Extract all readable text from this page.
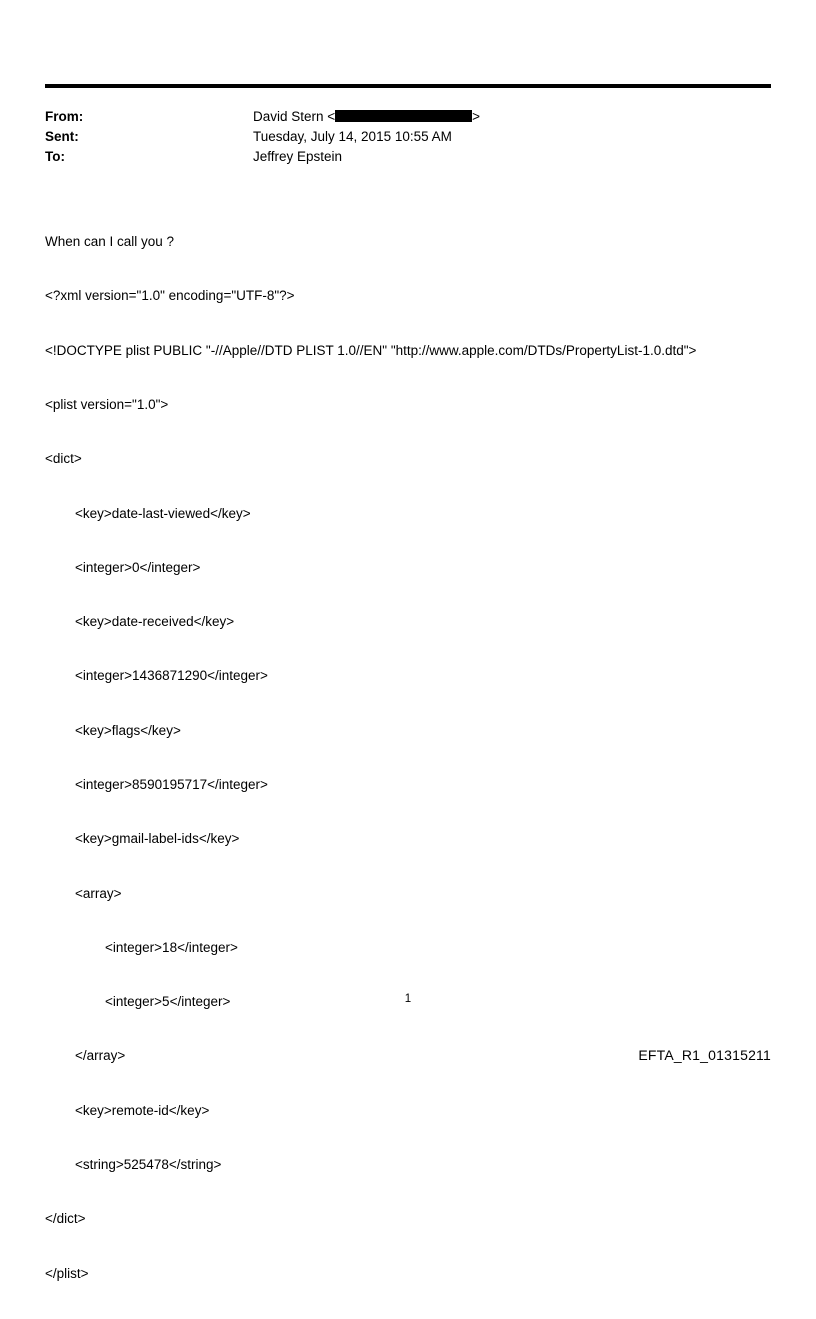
From:	David Stern <	>
Sent:	Tuesday, July 14, 2015 10:55 AM
To:	Jeffrey Epstein

When can I call you ?

<?xml version="1.0" encoding="UTF-8"?>

<!DOCTYPE plist PUBLIC "-//Apple//DTD PLIST 1.0//EN" "http://www.apple.com/DTDs/PropertyList-1.0.dtd">

<plist version="1.0">

<dict>

<key>date-last-viewed</key>

<integer>0</integer>

<key>date-received</key>

<integer>1436871290</integer>

<key>flags</key>

<integer>8590195717</integer>

<key>gmail-label-ids</key>

<array>

<integer>18</integer>

<integer>5</integer>

</array>

<key>remote-id</key>

<string>525478</string>

</dict>

</plist>

1
EFTA_R1_01315211
